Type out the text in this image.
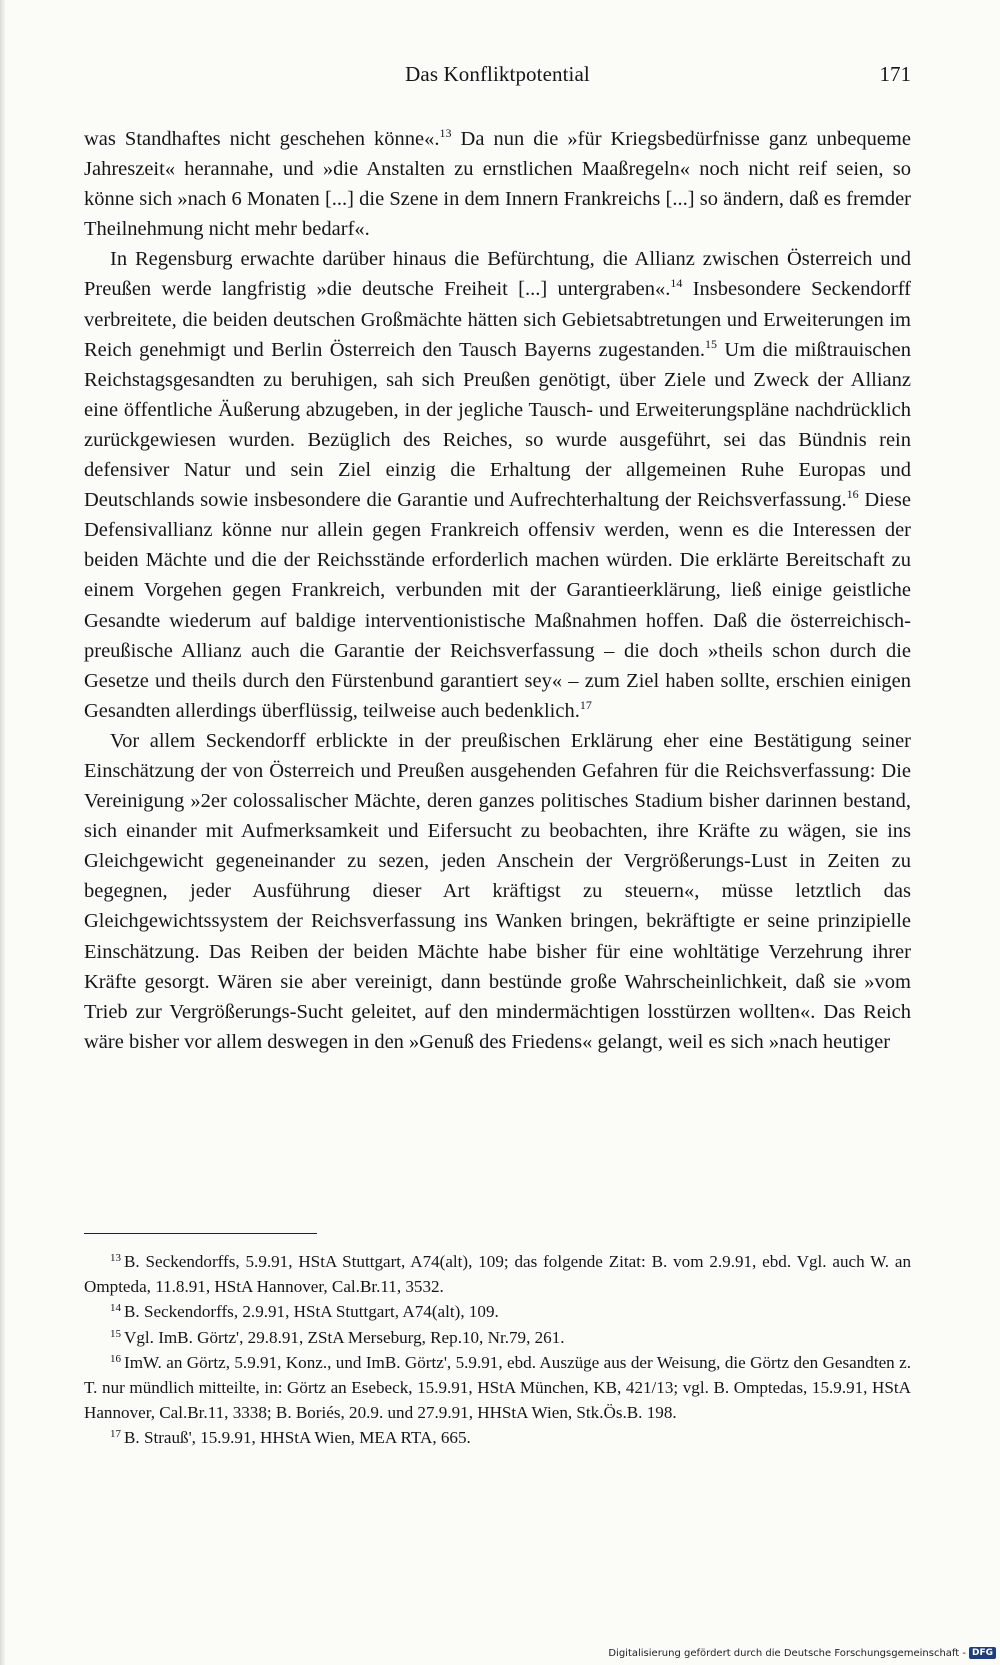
Das Konfliktpotential	171

was Standhaftes nicht geschehen könne«.$^{13}$ Da nun die »für Kriegsbedürfnisse ganz unbequeme Jahreszeit« herannahe, und »die Anstalten zu ernstlichen Maaßregeln« noch nicht reif seien, so könne sich »nach 6 Monaten [...] die Szene in dem Innern Frankreichs [...] so ändern, daß es fremder Theilnehmung nicht mehr bedarf«.

In Regensburg erwachte darüber hinaus die Befürchtung, die Allianz zwischen Österreich und Preußen werde langfristig »die deutsche Freiheit [...] untergraben«.$^{14}$ Insbesondere Seckendorff verbreitete, die beiden deutschen Großmächte hätten sich Gebietsabtretungen und Erweiterungen im Reich genehmigt und Berlin Österreich den Tausch Bayerns zugestanden.$^{15}$ Um die mißtrauischen Reichstagsgesandten zu beruhigen, sah sich Preußen genötigt, über Ziele und Zweck der Allianz eine öffentliche Äußerung abzugeben, in der jegliche Tausch- und Erweiterungspläne nachdrücklich zurückgewiesen wurden. Bezüglich des Reiches, so wurde ausgeführt, sei das Bündnis rein defensiver Natur und sein Ziel einzig die Erhaltung der allgemeinen Ruhe Europas und Deutschlands sowie insbesondere die Garantie und Aufrechterhaltung der Reichsverfassung.$^{16}$ Diese Defensivallianz könne nur allein gegen Frankreich offensiv werden, wenn es die Interessen der beiden Mächte und die der Reichsstände erforderlich machen würden. Die erklärte Bereitschaft zu einem Vorgehen gegen Frankreich, verbunden mit der Garantieerklärung, ließ einige geistliche Gesandte wiederum auf baldige interventionistische Maßnahmen hoffen. Daß die österreichisch-preußische Allianz auch die Garantie der Reichsverfassung – die doch »theils schon durch die Gesetze und theils durch den Fürstenbund garantiert sey« – zum Ziel haben sollte, erschien einigen Gesandten allerdings überflüssig, teilweise auch bedenklich.$^{17}$

Vor allem Seckendorff erblickte in der preußischen Erklärung eher eine Bestätigung seiner Einschätzung der von Österreich und Preußen ausgehenden Gefahren für die Reichsverfassung: Die Vereinigung »2er colossalischer Mächte, deren ganzes politisches Stadium bisher darinnen bestand, sich einander mit Aufmerksamkeit und Eifersucht zu beobachten, ihre Kräfte zu wägen, sie ins Gleichgewicht gegeneinander zu sezen, jeden Anschein der Vergrößerungs-Lust in Zeiten zu begegnen, jeder Ausführung dieser Art kräftigst zu steuern«, müsse letztlich das Gleichgewichtssystem der Reichsverfassung ins Wanken bringen, bekräftigte er seine prinzipielle Einschätzung. Das Reiben der beiden Mächte habe bisher für eine wohltätige Verzehrung ihrer Kräfte gesorgt. Wären sie aber vereinigt, dann bestünde große Wahrscheinlichkeit, daß sie »vom Trieb zur Vergrößerungs-Sucht geleitet, auf den mindermächtigen losstürzen wollten«. Das Reich wäre bisher vor allem deswegen in den »Genuß des Friedens« gelangt, weil es sich »nach heutiger

$^{13}$ B. Seckendorffs, 5.9.91, HStA Stuttgart, A74(alt), 109; das folgende Zitat: B. vom 2.9.91, ebd. Vgl. auch W. an Ompteda, 11.8.91, HStA Hannover, Cal.Br.11, 3532.

$^{14}$ B. Seckendorffs, 2.9.91, HStA Stuttgart, A74(alt), 109.

$^{15}$ Vgl. ImB. Görtz', 29.8.91, ZStA Merseburg, Rep.10, Nr.79, 261.

$^{16}$ ImW. an Görtz, 5.9.91, Konz., und ImB. Görtz', 5.9.91, ebd. Auszüge aus der Weisung, die Görtz den Gesandten z. T. nur mündlich mitteilte, in: Görtz an Esebeck, 15.9.91, HStA München, KB, 421/13; vgl. B. Omptedas, 15.9.91, HStA Hannover, Cal.Br.11, 3338; B. Boriés, 20.9. und 27.9.91, HHStA Wien, Stk.Ös.B. 198.

$^{17}$ B. Strauß', 15.9.91, HHStA Wien, MEA RTA, 665.

Digitalisierung gefördert durch die Deutsche Forschungsgemeinschaft - DFG
